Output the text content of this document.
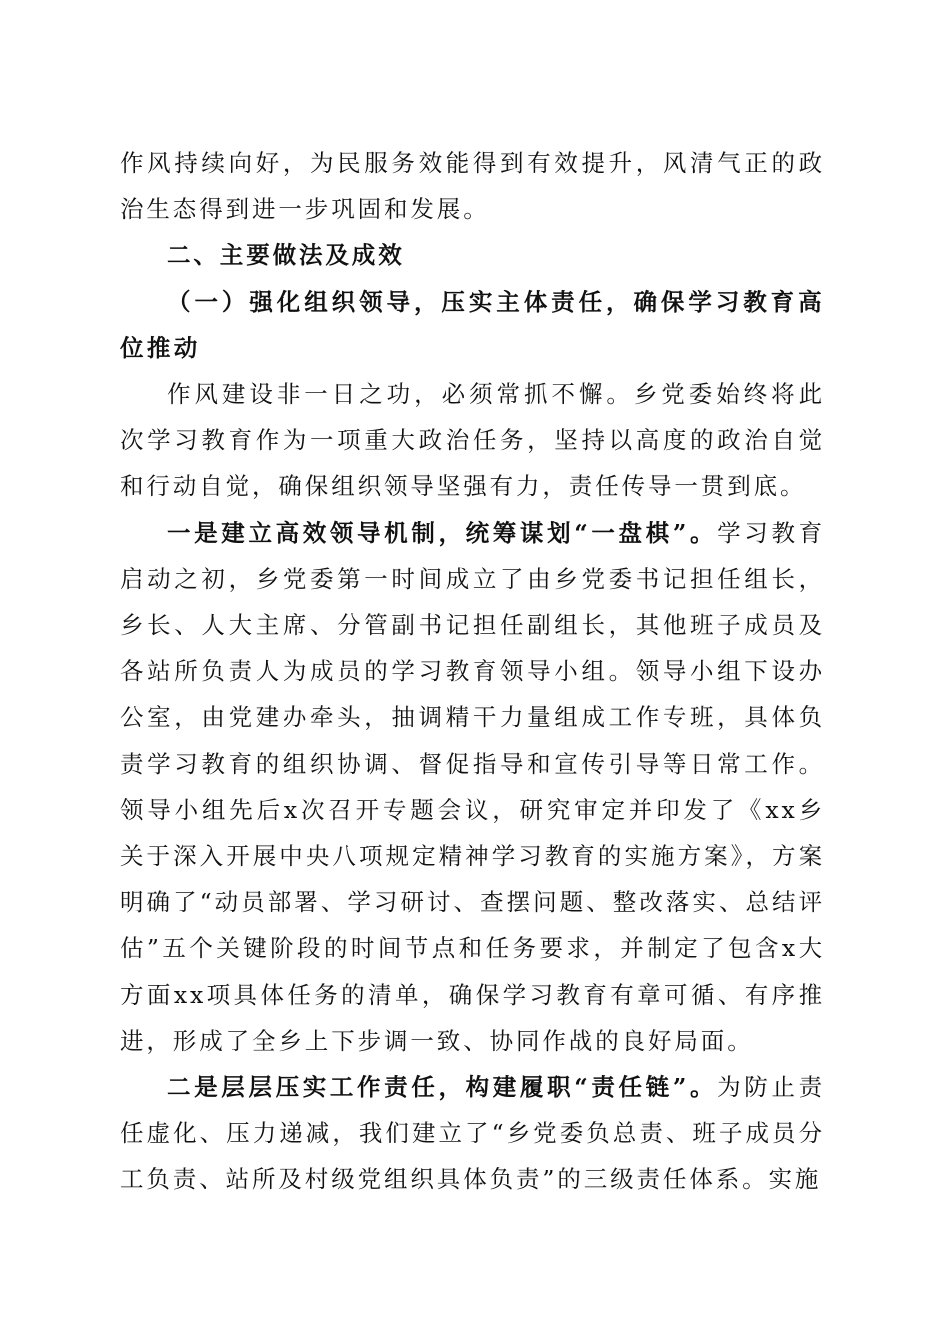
作风持续向好，为民服务效能得到有效提升，风清气正的政治生态得到进一步巩固和发展。

二、主要做法及成效

（一）强化组织领导，压实主体责任，确保学习教育高位推动

作风建设非一日之功，必须常抓不懈。乡党委始终将此次学习教育作为一项重大政治任务，坚持以高度的政治自觉和行动自觉，确保组织领导坚强有力，责任传导一贯到底。

一是建立高效领导机制，统筹谋划“一盘棋”。学习教育启动之初，乡党委第一时间成立了由乡党委书记担任组长，乡长、人大主席、分管副书记担任副组长，其他班子成员及各站所负责人为成员的学习教育领导小组。领导小组下设办公室，由党建办牵头，抽调精干力量组成工作专班，具体负责学习教育的组织协调、督促指导和宣传引导等日常工作。领导小组先后x次召开专题会议，研究审定并印发了《xx乡关于深入开展中央八项规定精神学习教育的实施方案》，方案明确了“动员部署、学习研讨、查摆问题、整改落实、总结评估”五个关键阶段的时间节点和任务要求，并制定了包含x大方面xx项具体任务的清单，确保学习教育有章可循、有序推进，形成了全乡上下步调一致、协同作战的良好局面。

二是层层压实工作责任，构建履职“责任链”。为防止责任虚化、压力递减，我们建立了“乡党委负总责、班子成员分工负责、站所及村级党组织具体负责”的三级责任体系。实施
